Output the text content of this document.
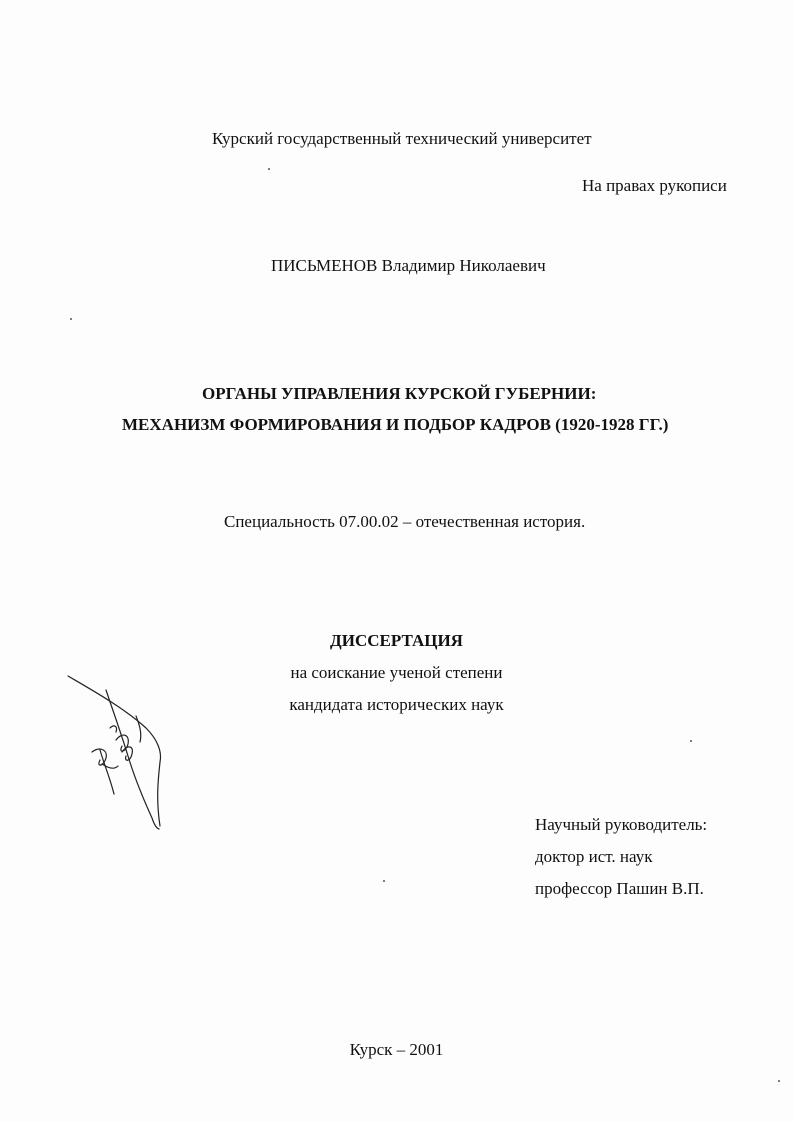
Курский государственный технический университет
На правах рукописи
ПИСЬМЕНОВ Владимир Николаевич
ОРГАНЫ УПРАВЛЕНИЯ КУРСКОЙ ГУБЕРНИИ:
МЕХАНИЗМ ФОРМИРОВАНИЯ И ПОДБОР КАДРОВ (1920-1928 ГГ.)
Специальность 07.00.02 – отечественная история.
ДИССЕРТАЦИЯ
на соискание ученой степени
кандидата исторических наук
Научный руководитель:
доктор ист. наук
профессор Пашин В.П.
Курск – 2001
